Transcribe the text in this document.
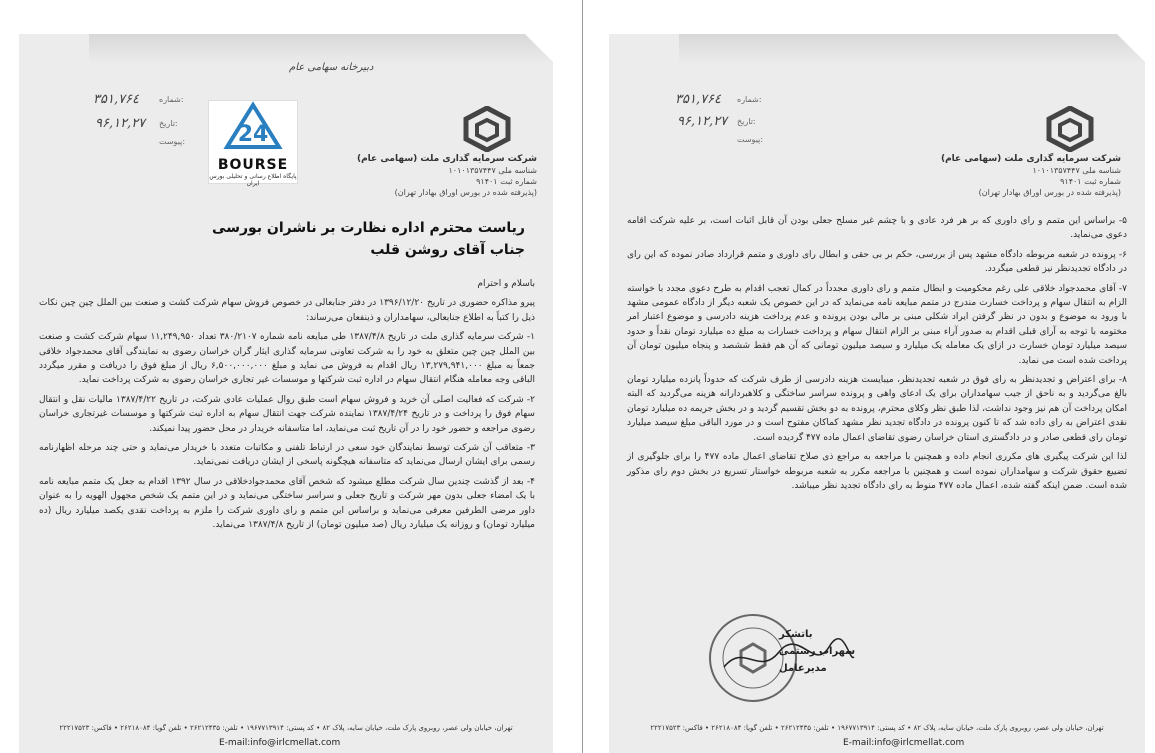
دبیرخانه سهامی عام
۳۵۱,۷۶٤ شماره:
۹۶,۱۲,۲۷ تاریخ:
پیوست: 24
BOURSE
پایگاه اطلاع رسانی و تحلیلی بورس ایران
شرکت سرمایه گذاری ملت (سهامی عام)
شناسه ملی ۱۰۱۰۱۳۵۷۴۴۷
شماره ثبت ۹۱۴۰۱
(پذیرفته شده در بورس اوراق بهادار تهران)
ریاست محترم اداره نظارت بر ناشران بورسی
جناب آقای روشن قلب

باسلام و احترام

پیرو مذاکره حضوری در تاریخ ۱۳۹۶/۱۲/۲۰ در دفتر جنابعالی در خصوص فروش سهام شرکت کشت و صنعت بین الملل چین چین نکات ذیل را کتباً به اطلاع جنابعالی، سهامداران و ذینفعان می‌رساند:

۱- شرکت سرمایه گذاری ملت در تاریخ ۱۳۸۷/۴/۸ طی مبایعه نامه شماره ۳۸۰/۲۱۰۷ تعداد ۱۱,۲۴۹,۹۵۰ سهام شرکت کشت و صنعت بین الملل چین چین متعلق به خود را به شرکت تعاونی سرمایه گذاری ایثار گران خراسان رضوی به نمایندگی آقای محمدجواد خلاقی جمعاً به مبلغ ۱۳,۲۷۹,۹۴۱,۰۰۰ ریال اقدام به فروش می نماید و مبلغ ۶,۵۰۰,۰۰۰,۰۰۰ ریال از مبلغ فوق را دریافت و مقرر میگردد الباقی وجه معامله هنگام انتقال سهام در اداره ثبت شرکتها و موسسات غیر تجاری خراسان رضوی به شرکت پرداخت نماید.

۲- شرکت که فعالیت اصلی آن خرید و فروش سهام است طبق روال عملیات عادی شرکت، در تاریخ ۱۳۸۷/۴/۲۲ مالیات نقل و انتقال سهام فوق را پرداخت و در تاریخ ۱۳۸۷/۴/۲۴ نماینده شرکت جهت انتقال سهام به اداره ثبت شرکتها و موسسات غیرتجاری خراسان رضوی مراجعه و حضور خود را در آن تاریخ ثبت می‌نماید، اما متاسفانه خریدار در محل حضور پیدا نمیکند.

۳- متعاقب آن شرکت توسط نمایندگان خود سعی در ارتباط تلفنی و مکاتبات متعدد با خریدار می‌نماید و حتی چند مرحله اظهارنامه رسمی برای ایشان ارسال می‌نماید که متاسفانه هیچگونه پاسخی از ایشان دریافت نمی‌نماید.

۴- بعد از گذشت چندین سال شرکت مطلع میشود که شخص آقای محمدجوادخلاقی در سال ۱۳۹۲ اقدام به جعل یک متمم مبایعه نامه با یک امضاء جعلی بدون مهر شرکت و تاریخ جعلی و سراسر ساختگی می‌نماید و در این متمم یک شخص مجهول الهویه را به عنوان داور مرضی الطرفین معرفی می‌نماید و براساس این متمم و رای داوری شرکت را ملزم به پرداخت نقدی یکصد میلیارد ریال (ده میلیارد تومان) و روزانه یک میلیارد ریال (صد میلیون تومان) از تاریخ ۱۳۸۷/۴/۸ می‌نماید.

تهران، خیابان ولی عصر، روبروی پارک ملت، خیابان سایه، پلاک ۸۲ • کد پستی: ۱۹۶۷۷۱۳۹۱۴ • تلفن: ۲۶۲۱۲۴۳۵ • تلفن گویا: ۲۶۲۱۸۰۸۴ • فاکس: ۲۲۲۱۷۵۲۳
E-mail:info@irlcmellat.com
۳۵۱,۷۶٤ شماره:
۹۶,۱۲,۲۷ تاریخ:
پیوست:
شرکت سرمایه گذاری ملت (سهامی عام)
شناسه ملی ۱۰۱۰۱۳۵۷۴۴۷
شماره ثبت ۹۱۴۰۱
(پذیرفته شده در بورس اوراق بهادار تهران)

۵- براساس این متمم و رای داوری که بر هر فرد عادی و با چشم غیر مسلح جعلی بودن آن قابل اثبات است، بر علیه شرکت اقامه دعوی می‌نماید.

۶- پرونده در شعبه مربوطه دادگاه مشهد پس از بررسی، حکم بر بی حقی و ابطال رای داوری و متمم قرارداد صادر نموده که این رای در دادگاه تجدیدنظر نیز قطعی میگردد.

۷- آقای محمدجواد خلاقی علی رغم محکومیت و ابطال متمم و رای داوری مجدداً در کمال تعجب اقدام به طرح دعوی مجدد با خواسته الزام به انتقال سهام و پرداخت خسارت مندرج در متمم مبایعه نامه می‌نماید که در این خصوص یک شعبه دیگر از دادگاه عمومی مشهد با ورود به موضوع و بدون در نظر گرفتن ایراد شکلی مبنی بر مالی بودن پرونده و عدم پرداخت هزینه دادرسی و موضوع اعتبار امر مختومه با توجه به آرای قبلی اقدام به صدور آراء مبنی بر الزام انتقال سهام و پرداخت خسارات به مبلغ ده میلیارد تومان نقداً و حدود سیصد میلیارد تومان خسارت در ازای یک معامله یک میلیارد و سیصد میلیون تومانی که آن هم فقط ششصد و پنجاه میلیون تومان آن پرداخت شده است می نماید.

۸- برای اعتراض و تجدیدنظر به رای فوق در شعبه تجدیدنظر، میبایست هزینه دادرسی از طرف شرکت که حدوداً پانزده میلیارد تومان بالغ می‌گردید و به ناحق از جیب سهامداران برای یک ادعای واهی و پرونده سراسر ساختگی و کلاهبردارانه هزینه می‌گردید که البته امکان پرداخت آن هم نیز وجود نداشت، لذا طبق نظر وکلای محترم، پرونده به دو بخش تقسیم گردید و در بخش جریمه ده میلیارد تومان نقدی اعتراض به رای داده شد که تا کنون پرونده در دادگاه تجدید نظر مشهد کماکان مفتوح است و در مورد الباقی مبلغ سیصد میلیارد تومان رای قطعی صادر و در دادگستری استان خراسان رضوی تقاضای اعمال ماده ۴۷۷ گردیده است.

لذا این شرکت پیگیری های مکرری انجام داده و همچنین با مراجعه به مراجع ذی صلاح تقاضای اعمال ماده ۴۷۷ را برای جلوگیری از تضییع حقوق شرکت و سهامداران نموده است و همچنین با مراجعه مکرر به شعبه مربوطه خواستار تسریع در بخش دوم رای مذکور شده است. ضمن اینکه گفته شده، اعمال ماده ۴۷۷ منوط به رای دادگاه تجدید نظر میباشد.

باتشکر
سهراب رستمی
مدیرعامل
تهران، خیابان ولی عصر، روبروی پارک ملت، خیابان سایه، پلاک ۸۲ • کد پستی: ۱۹۶۷۷۱۳۹۱۴ • تلفن: ۲۶۲۱۲۴۳۵ • تلفن گویا: ۲۶۲۱۸۰۸۴ • فاکس: ۲۲۲۱۷۵۲۳
E-mail:info@irlcmellat.com
